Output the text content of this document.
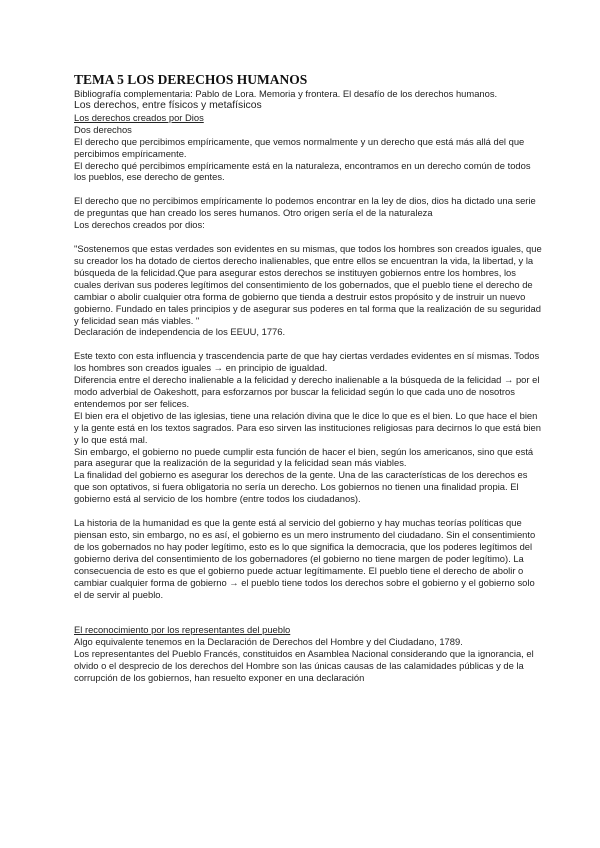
TEMA 5 LOS DERECHOS HUMANOS

Bibliografía complementaria: Pablo de Lora. Memoria y frontera. El desafío de los derechos humanos.

Los derechos, entre físicos y metafísicos

Los derechos creados por Dios

Dos derechos
El derecho que percibimos empíricamente, que vemos normalmente y un derecho que está más allá del que percibimos empíricamente.
El derecho qué percibimos empíricamente está en la naturaleza, encontramos en un derecho común de todos los pueblos, ese derecho de gentes.

El derecho que no percibimos empíricamente lo podemos encontrar en la ley de dios, dios ha dictado una serie de preguntas que han creado los seres humanos. Otro origen sería el de la naturaleza
Los derechos creados por dios:

"Sostenemos que estas verdades son evidentes en su mismas, que todos los hombres son creados iguales, que su creador los ha dotado de ciertos derecho inalienables, que entre ellos se encuentran la vida, la libertad, y la búsqueda de la felicidad.Que para asegurar estos derechos se instituyen gobiernos entre los hombres, los cuales derivan sus poderes legítimos del consentimiento de los gobernados, que el pueblo tiene el derecho de cambiar o abolir cualquier otra forma de gobierno que tienda a destruir estos propósito y de instruir un nuevo gobierno. Fundado en tales principios y de asegurar sus poderes en tal forma que la realización de su seguridad y felicidad sean más viables. "
Declaración de independencia de los EEUU, 1776.

Este texto con esta influencia y trascendencia parte de que hay ciertas verdades evidentes en sí mismas. Todos los hombres son creados iguales → en principio de igualdad.
Diferencia entre el derecho inalienable a la felicidad y derecho inalienable a la búsqueda de la felicidad → por el modo adverbial de Oakeshott, para esforzarnos por buscar la felicidad según lo que cada uno de nosotros entendemos por ser felices.
El bien era el objetivo de las iglesias, tiene una relación divina que le dice lo que es el bien. Lo que hace el bien y la gente está en los textos sagrados. Para eso sirven las instituciones religiosas para decirnos lo que está bien y lo que está mal.
Sin embargo, el gobierno no puede cumplir esta función de hacer el bien, según los americanos, sino que está para asegurar que la realización de la seguridad y la felicidad sean más viables.
La finalidad del gobierno es asegurar los derechos de la gente. Una de las características de los derechos es que son optativos, si fuera obligatoria no sería un derecho. Los gobiernos no tienen una finalidad propia. El gobierno está al servicio de los hombre (entre todos los ciudadanos).

La historia de la humanidad es que la gente está al servicio del gobierno y hay muchas teorías políticas que piensan esto, sin embargo, no es así, el gobierno es un mero instrumento del ciudadano. Sin el consentimiento de los gobernados no hay poder legítimo, esto es lo que significa la democracia, que los poderes legítimos del gobierno deriva del consentimiento de los gobernadores (el gobierno no tiene margen de poder legítimo). La consecuencia de esto es que el gobierno puede actuar legítimamente. El pueblo tiene el derecho de abolir o cambiar cualquier forma de gobierno → el pueblo tiene todos los derechos sobre el gobierno y el gobierno solo el de servir al pueblo.

El reconocimiento por los representantes del pueblo

Algo equivalente tenemos en la Declaración de Derechos del Hombre y del Ciudadano, 1789.
Los representantes del Pueblo Francés, constituidos en Asamblea Nacional considerando que la ignorancia, el olvido o el desprecio de los derechos del Hombre son las únicas causas de las calamidades públicas y de la corrupción de los gobiernos, han resuelto exponer en una declaración
